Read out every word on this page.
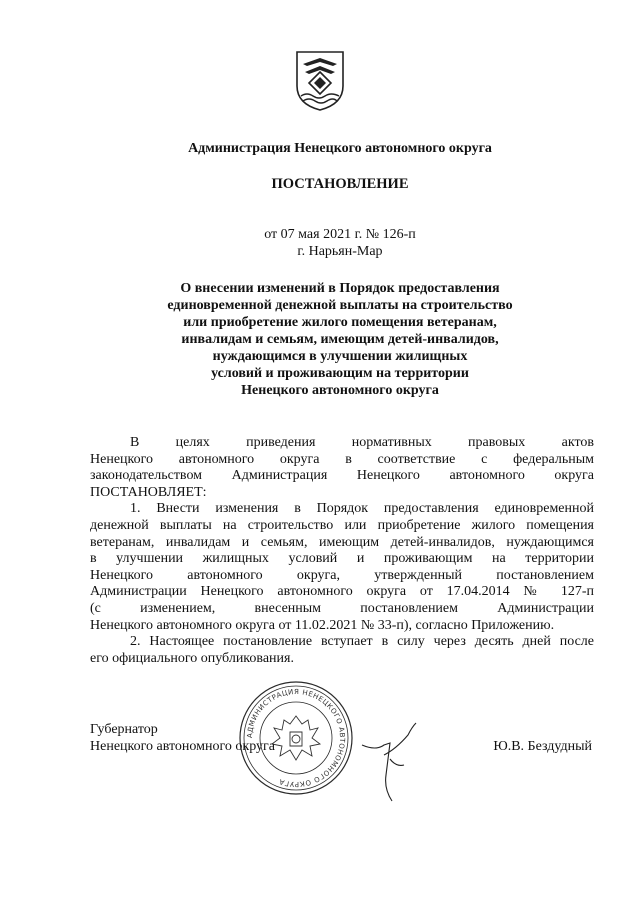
Администрация Ненецкого автономного округа
ПОСТАНОВЛЕНИЕ
от 07 мая 2021 г. № 126-п
г. Нарьян-Мар
О внесении изменений в Порядок предоставления
единовременной денежной выплаты на строительство
или приобретение жилого помещения ветеранам,
инвалидам и семьям, имеющим детей-инвалидов,
нуждающимся в улучшении жилищных
условий и проживающим на территории
Ненецкого автономного округа

В целях приведения нормативных правовых актов

Ненецкого автономного округа в соответствие с федеральным

законодательством Администрация Ненецкого автономного округа

ПОСТАНОВЛЯЕТ:

1. Внести изменения в Порядок предоставления единовременной

денежной выплаты на строительство или приобретение жилого помещения

ветеранам, инвалидам и семьям, имеющим детей-инвалидов, нуждающимся

в улучшении жилищных условий и проживающим на территории

Ненецкого автономного округа, утвержденный постановлением

Администрации Ненецкого автономного округа от 17.04.2014 № 127-п

(с изменением, внесенным постановлением Администрации

Ненецкого автономного округа от 11.02.2021 № 33-п), согласно Приложению.

2. Настоящее постановление вступает в силу через десять дней после

его официального опубликования.

АДМИНИСТРАЦИЯ НЕНЕЦКОГО АВТОНОМНОГО ОКРУГА
Губернатор
Ненецкого автономного округа	Ю.В. Бездудный
